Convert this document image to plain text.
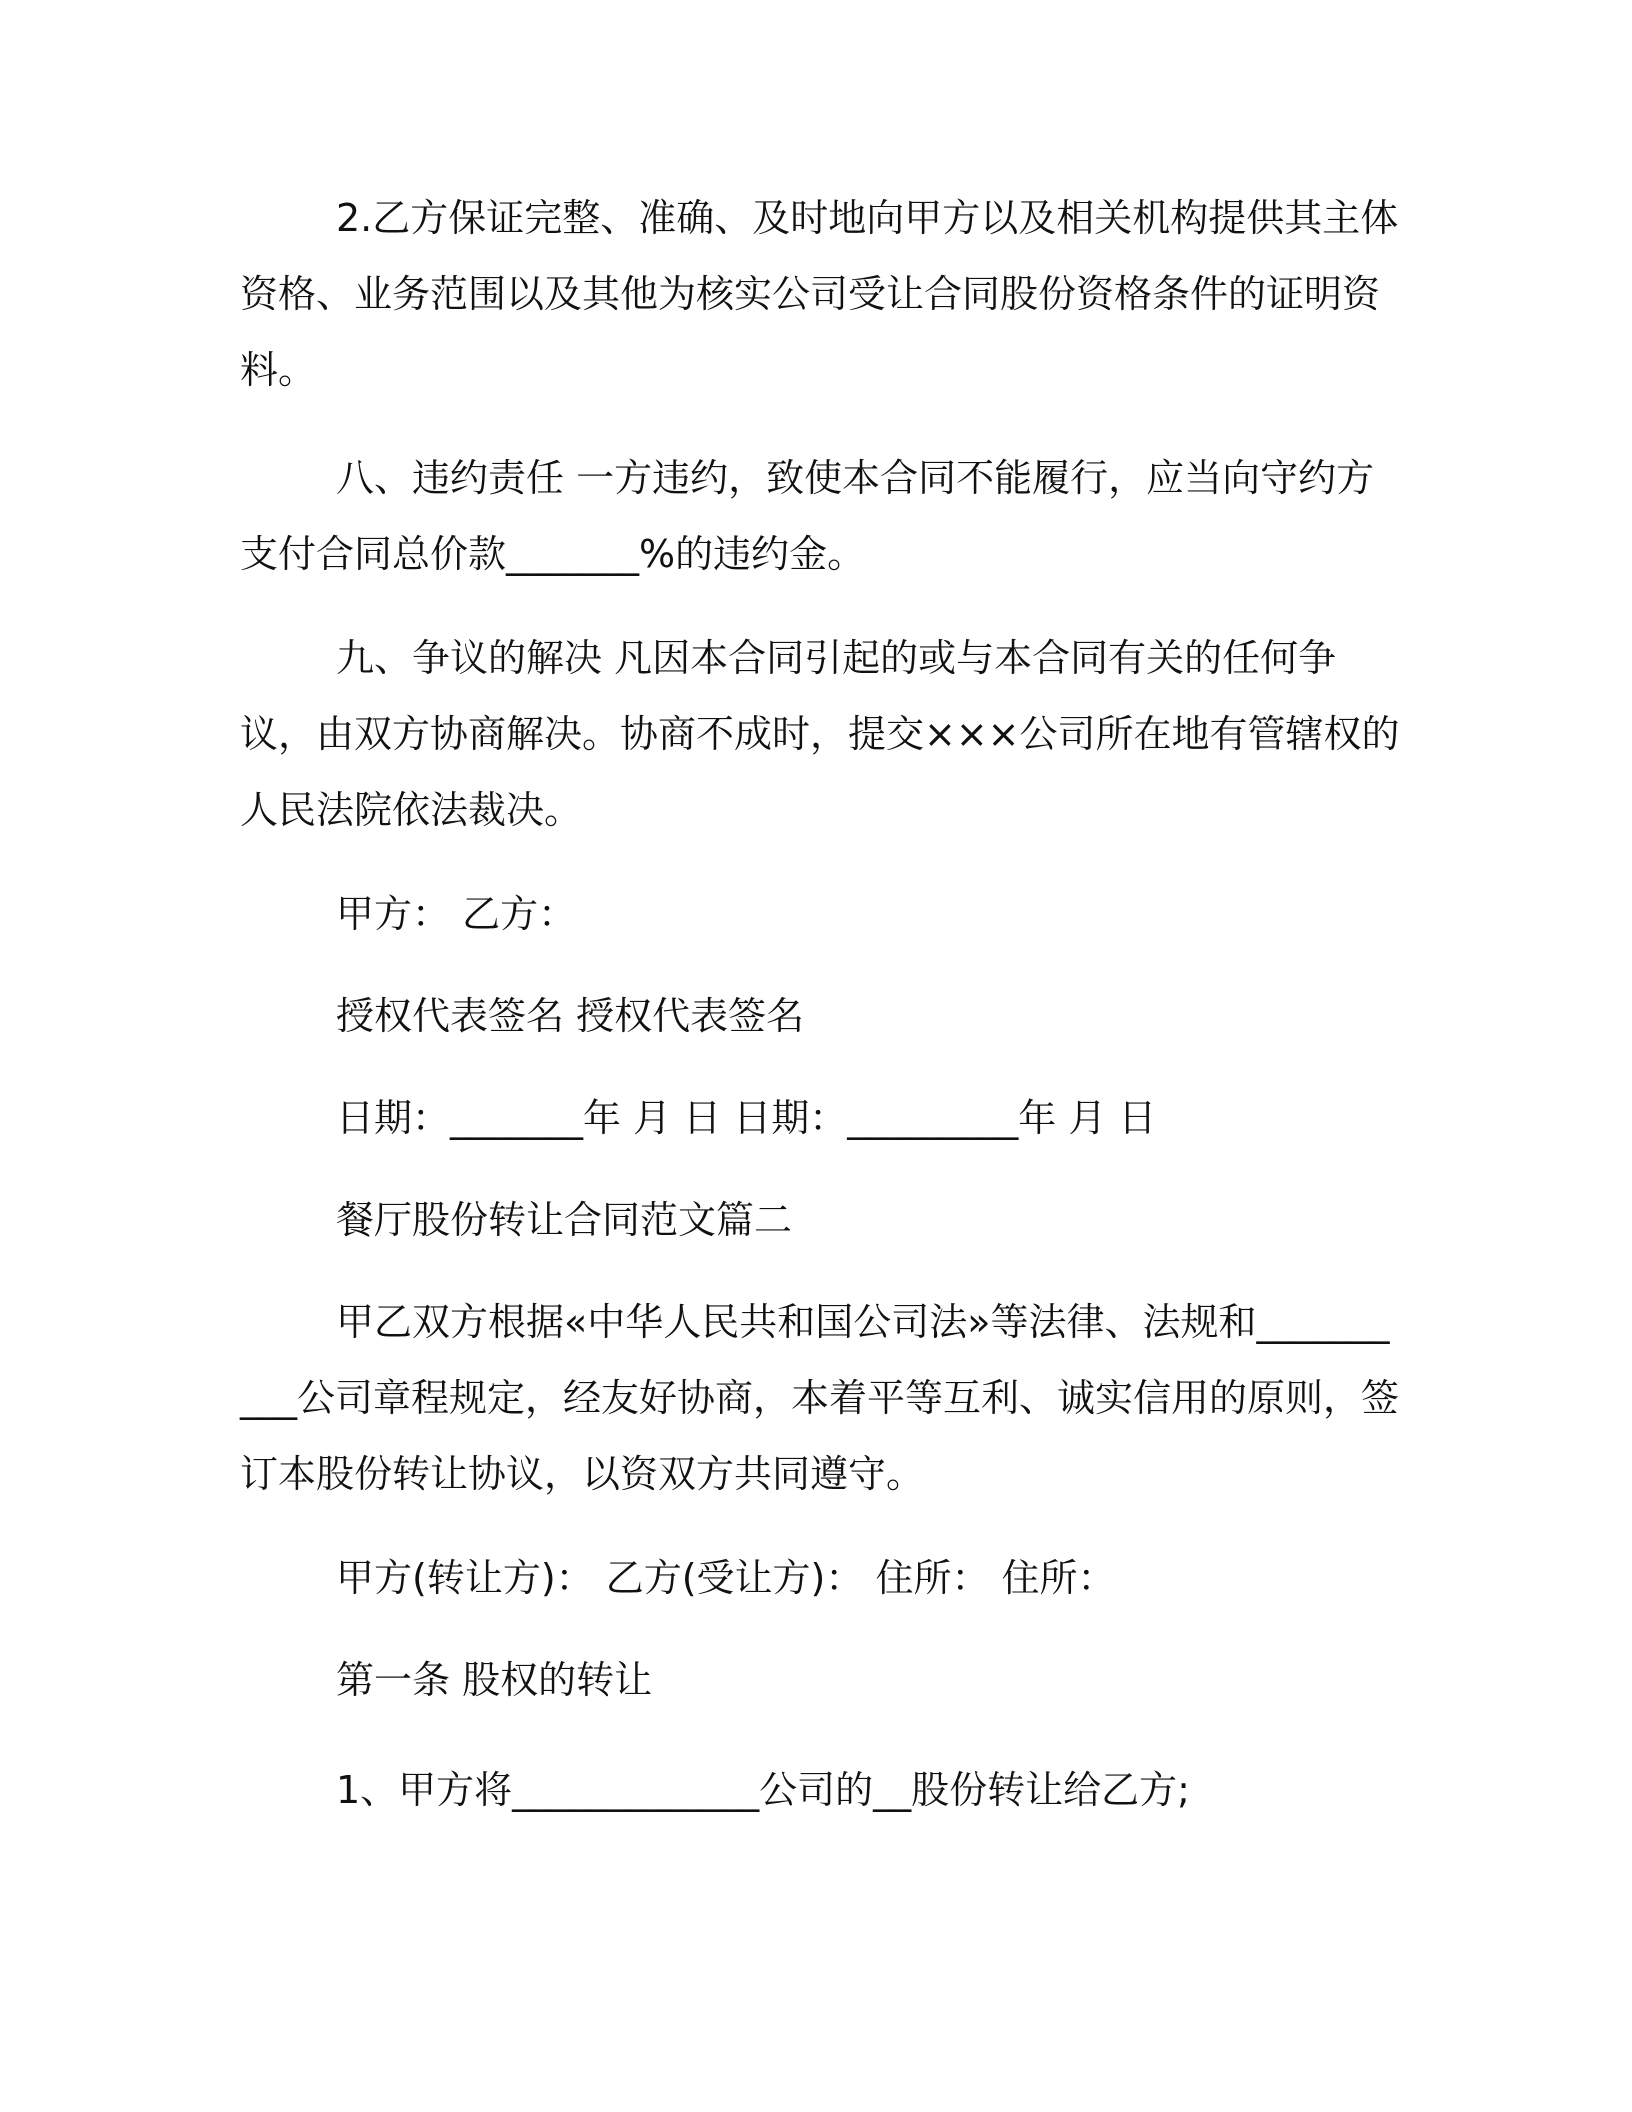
2.乙方保证完整、准确、及时地向甲方以及相关机构提供其主体资格、业务范围以及其他为核实公司受让合同股份资格条件的证明资料。

八、违约责任 一方违约，致使本合同不能履行，应当向守约方支付合同总价款_______%的违约金。

九、争议的解决 凡因本合同引起的或与本合同有关的任何争议，由双方协商解决。协商不成时，提交×××公司所在地有管辖权的人民法院依法裁决。

甲方： 乙方：

授权代表签名 授权代表签名

日期：_______年 月 日 日期：_________年 月 日

餐厅股份转让合同范文篇二

甲乙双方根据«中华人民共和国公司法»等法律、法规和__________公司章程规定，经友好协商，本着平等互利、诚实信用的原则，签订本股份转让协议，以资双方共同遵守。

甲方(转让方)： 乙方(受让方)： 住所： 住所：

第一条 股权的转让

1、甲方将_____________公司的__股份转让给乙方;
